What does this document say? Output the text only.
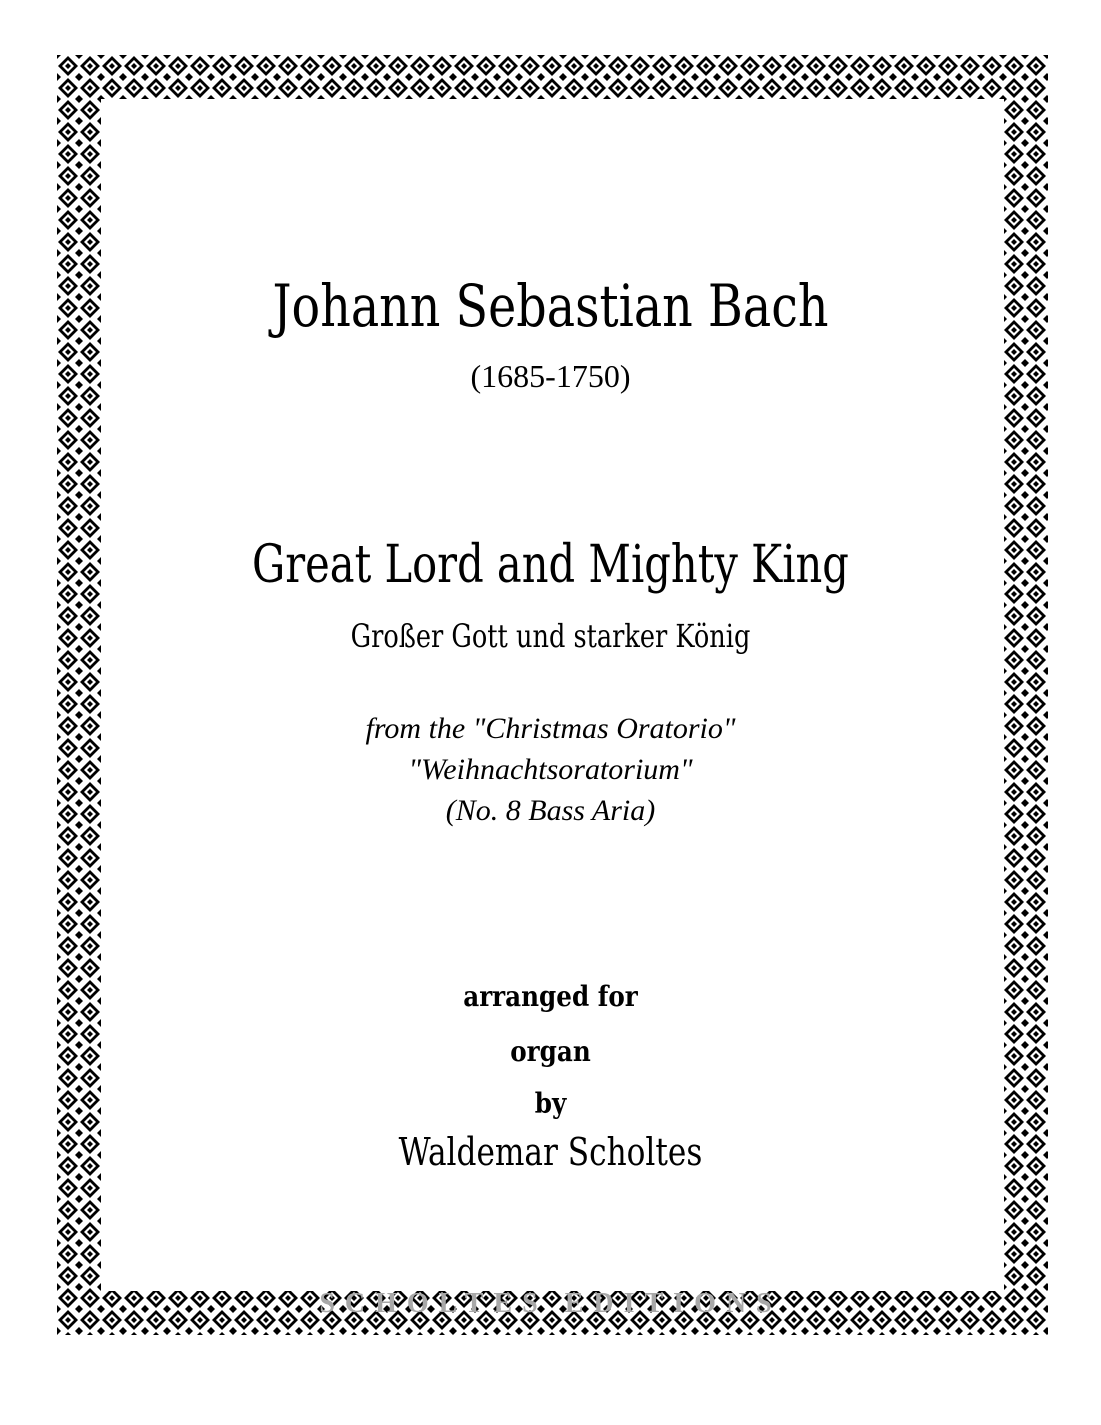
Johann Sebastian Bach
(1685-1750)
Great Lord and Mighty King
Großer Gott und starker König
from the "Christmas Oratorio"
"Weihnachtsoratorium"
(No. 8 Bass Aria)
arranged for
organ
by
Waldemar Scholtes
SCHOLTES EDITIONS
